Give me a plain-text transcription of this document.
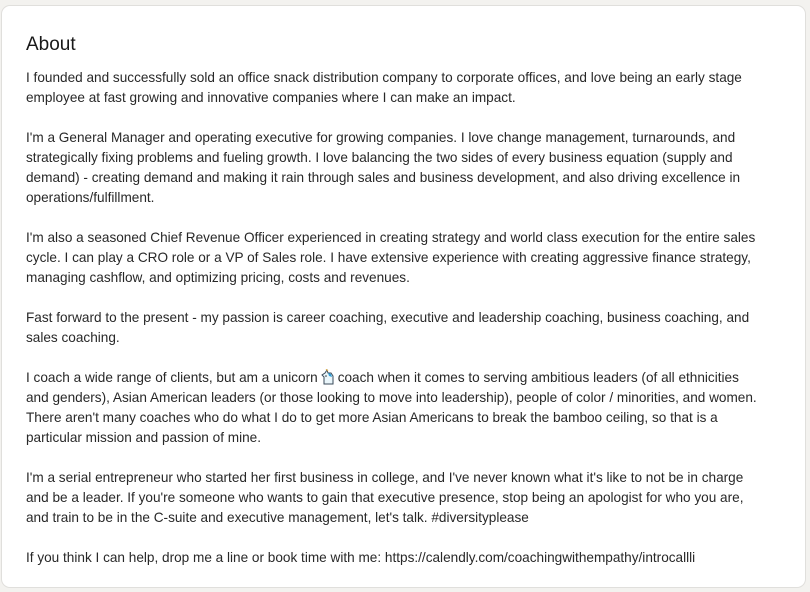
About

I founded and successfully sold an office snack distribution company to corporate offices, and love being an early stage
employee at fast growing and innovative companies where I can make an impact.

I'm a General Manager and operating executive for growing companies. I love change management, turnarounds, and
strategically fixing problems and fueling growth. I love balancing the two sides of every business equation (supply and
demand) - creating demand and making it rain through sales and business development, and also driving excellence in
operations/fulfillment.

I'm also a seasoned Chief Revenue Officer experienced in creating strategy and world class execution for the entire sales
cycle. I can play a CRO role or a VP of Sales role. I have extensive experience with creating aggressive finance strategy,
managing cashflow, and optimizing pricing, costs and revenues.

Fast forward to the present - my passion is career coaching, executive and leadership coaching, business coaching, and
sales coaching.

I coach a wide range of clients, but am a unicorn coach when it comes to serving ambitious leaders (of all ethnicities
and genders), Asian American leaders (or those looking to move into leadership), people of color / minorities, and women.
There aren't many coaches who do what I do to get more Asian Americans to break the bamboo ceiling, so that is a
particular mission and passion of mine.

I'm a serial entrepreneur who started her first business in college, and I've never known what it's like to not be in charge
and be a leader. If you're someone who wants to gain that executive presence, stop being an apologist for who you are,
and train to be in the C-suite and executive management, let's talk. #diversityplease

If you think I can help, drop me a line or book time with me: https://calendly.com/coachingwithempathy/introcallli
